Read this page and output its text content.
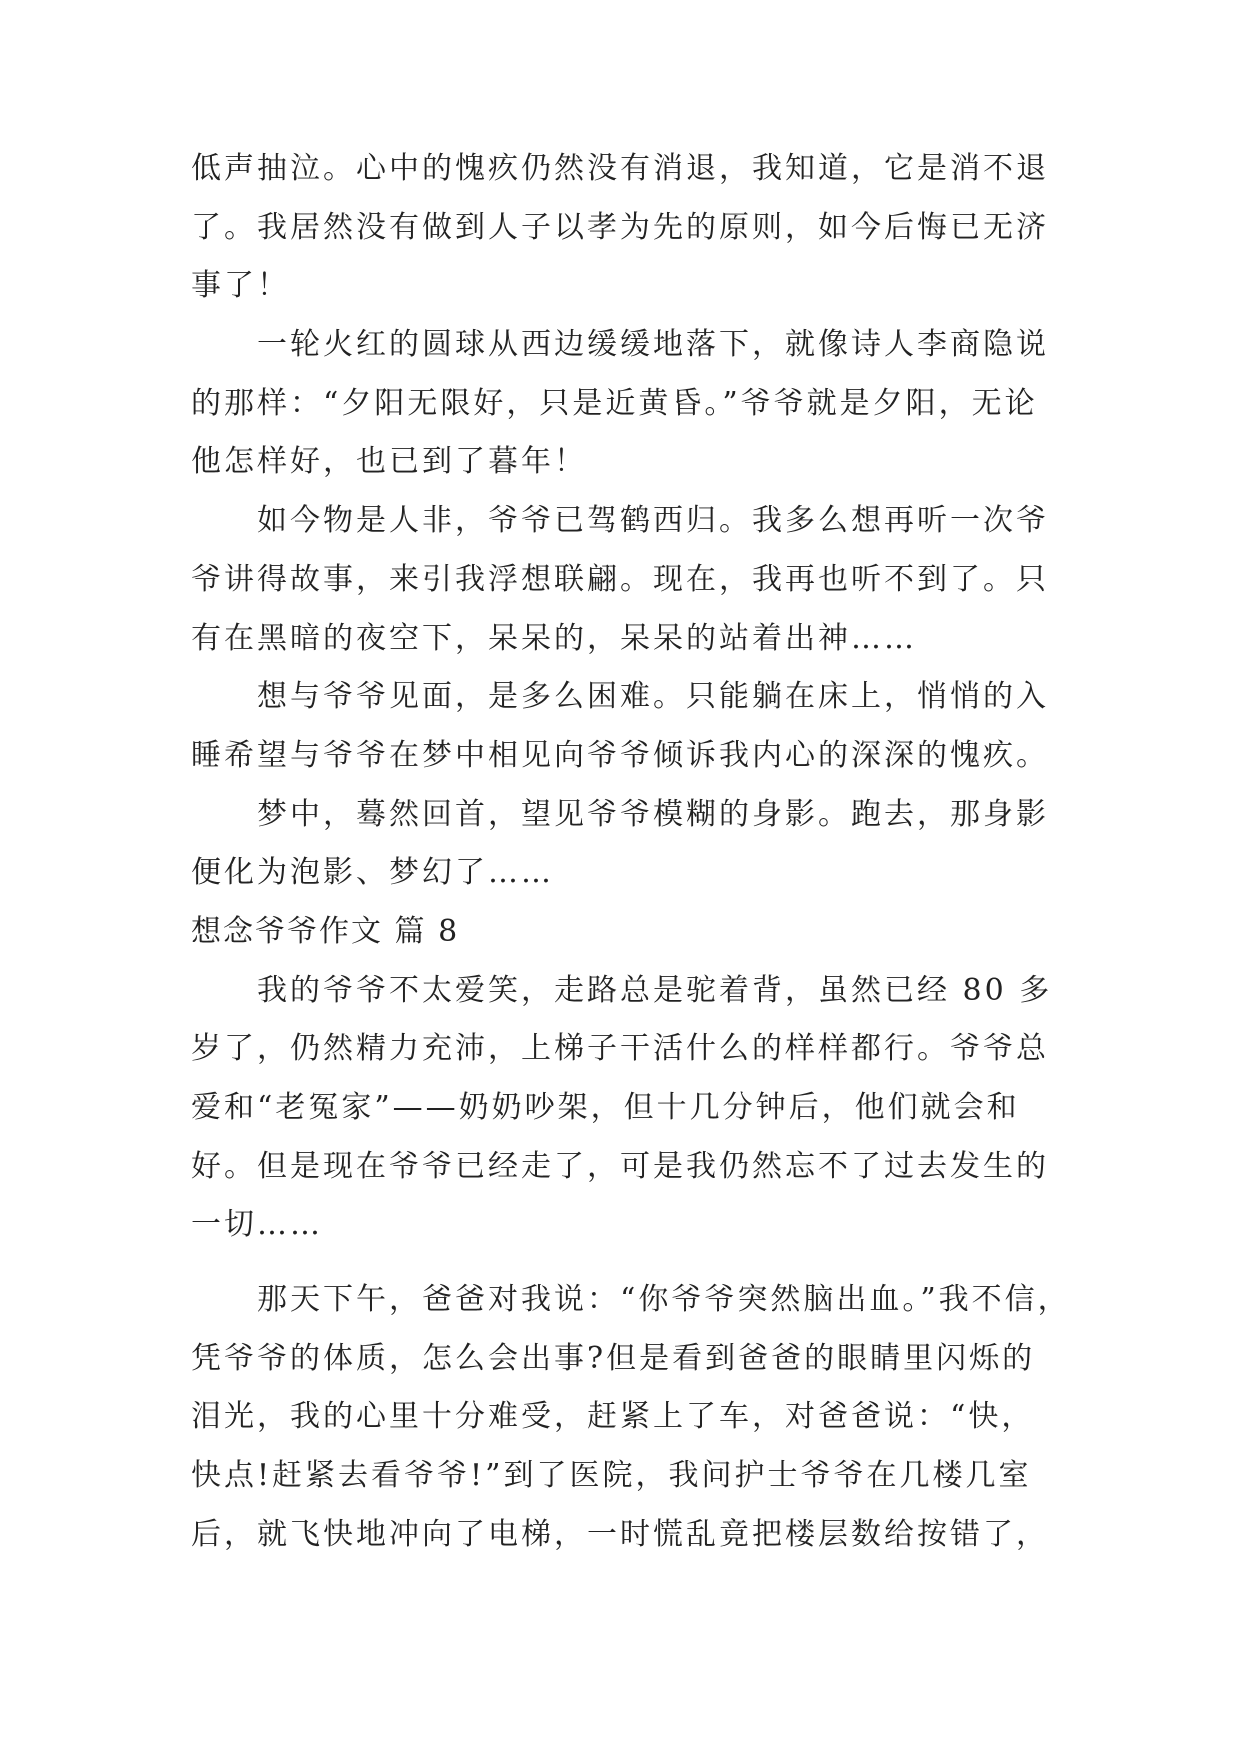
低声抽泣。心中的愧疚仍然没有消退，我知道，它是消不退
了。我居然没有做到人子以孝为先的原则，如今后悔已无济
事了！
一轮火红的圆球从西边缓缓地落下，就像诗人李商隐说
的那样：“夕阳无限好，只是近黄昏。”爷爷就是夕阳，无论
他怎样好，也已到了暮年！
如今物是人非，爷爷已驾鹤西归。我多么想再听一次爷
爷讲得故事，来引我浮想联翩。现在，我再也听不到了。只
有在黑暗的夜空下，呆呆的，呆呆的站着出神……
想与爷爷见面，是多么困难。只能躺在床上，悄悄的入
睡希望与爷爷在梦中相见向爷爷倾诉我内心的深深的愧疚。
梦中，蓦然回首，望见爷爷模糊的身影。跑去，那身影
便化为泡影、梦幻了……
想念爷爷作文 篇 8
我的爷爷不太爱笑，走路总是驼着背，虽然已经 80 多
岁了，仍然精力充沛，上梯子干活什么的样样都行。爷爷总
爱和“老冤家”——奶奶吵架，但十几分钟后，他们就会和
好。但是现在爷爷已经走了，可是我仍然忘不了过去发生的
一切……
那天下午，爸爸对我说：“你爷爷突然脑出血。”我不信，
凭爷爷的体质，怎么会出事?但是看到爸爸的眼睛里闪烁的
泪光，我的心里十分难受，赶紧上了车，对爸爸说：“快，
快点!赶紧去看爷爷!”到了医院，我问护士爷爷在几楼几室
后，就飞快地冲向了电梯，一时慌乱竟把楼层数给按错了，
